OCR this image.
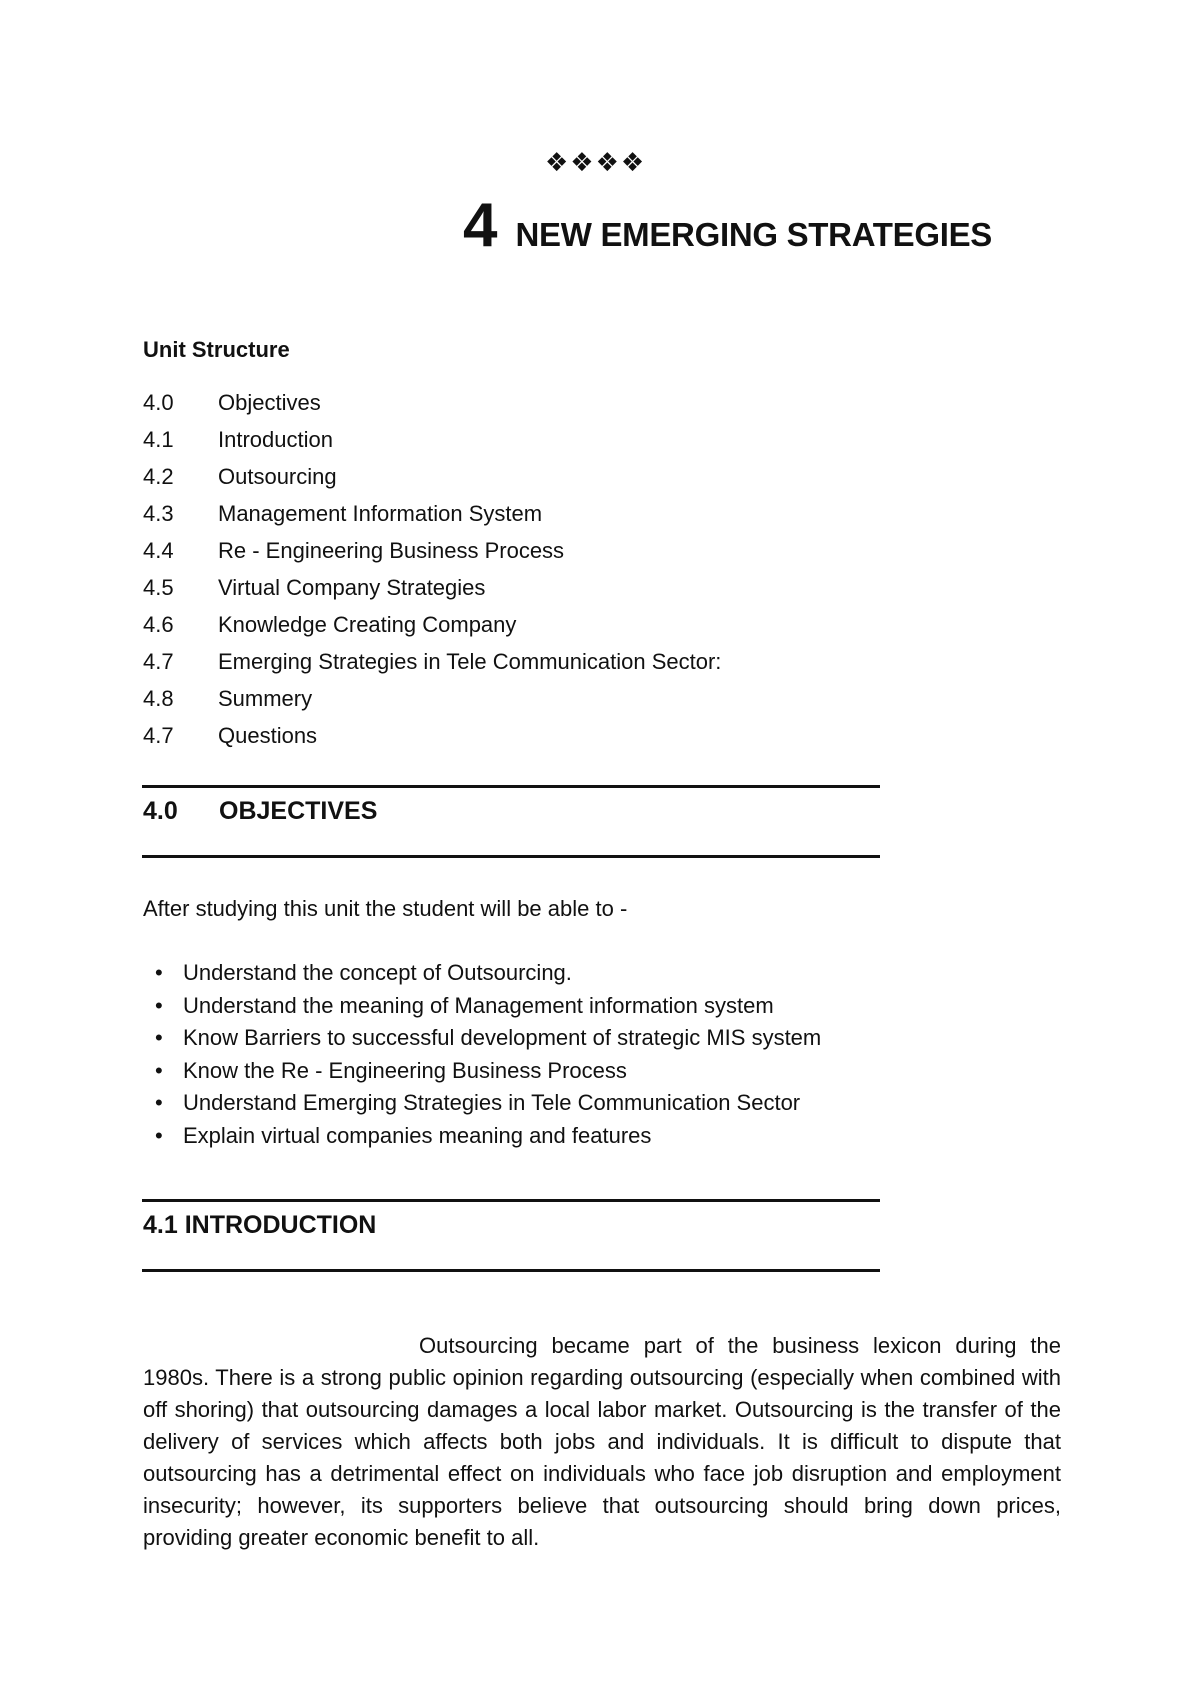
❖❖❖❖
4 NEW EMERGING STRATEGIES
Unit Structure
4.0 Objectives
4.1 Introduction
4.2 Outsourcing
4.3 Management Information System
4.4 Re - Engineering Business Process
4.5 Virtual Company Strategies
4.6 Knowledge Creating Company
4.7 Emerging Strategies in Tele Communication Sector:
4.8 Summery
4.7 Questions
4.0 OBJECTIVES
After studying this unit the student will be able to -
• Understand the concept of Outsourcing.
• Understand the meaning of Management information system
• Know Barriers to successful development of strategic MIS system
• Know the Re - Engineering Business Process
• Understand Emerging Strategies in Tele Communication Sector
• Explain virtual companies meaning and features
4.1 INTRODUCTION

Outsourcing became part of the business lexicon during the 1980s. There is a strong public opinion regarding outsourcing (especially when combined with off shoring) that outsourcing damages a local labor market. Outsourcing is the transfer of the delivery of services which affects both jobs and individuals. It is difficult to dispute that outsourcing has a detrimental effect on individuals who face job disruption and employment insecurity; however, its supporters believe that outsourcing should bring down prices, providing greater economic benefit to all.
